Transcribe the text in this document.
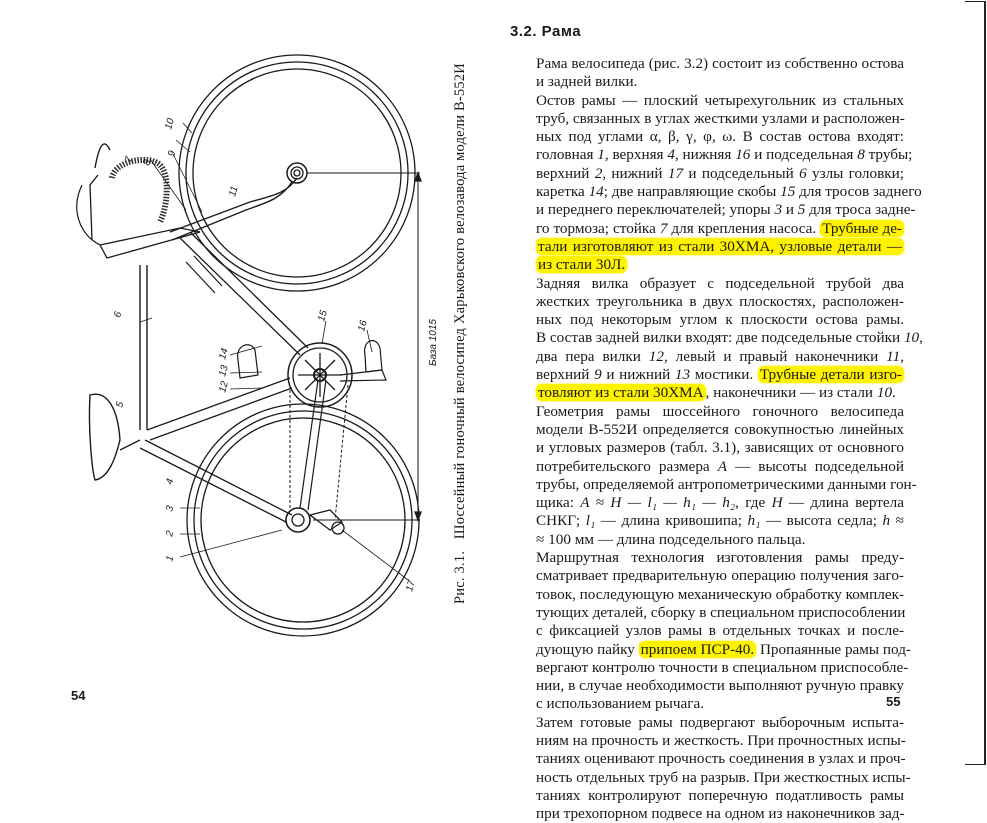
10
9
7 8
11
6
5
14
13
12
15
16
4
3
2
1
17
База 1015
Рис. 3.1. Шоссейный гоночный велосипед Харьковского велозавода модели В-552И
54
3.2. Рама

Рама велосипеда (рис. 3.2) состоит из собственно остова
и задней вилки.

Остов рамы — плоский четырехугольник из стальных
труб, связанных в углах жесткими узлами и расположен-
ных под углами α, β, γ, φ, ω. В состав остова входят:
головная 1, верхняя 4, нижняя 16 и подседельная 8 трубы;
верхний 2, нижний 17 и подседельный 6 узлы головки;
каретка 14; две направляющие скобы 15 для тросов заднего
и переднего переключателей; упоры 3 и 5 для троса задне-
го тормоза; стойка 7 для крепления насоса. Трубные де-
тали изготовляют из стали 30ХМА, узловые детали —
из стали 30Л.

Задняя вилка образует с подседельной трубой два
жестких треугольника в двух плоскостях, расположен-
ных под некоторым углом к плоскости остова рамы.
В состав задней вилки входят: две подседельные стойки 10,
два пера вилки 12, левый и правый наконечники 11,
верхний 9 и нижний 13 мостики. Трубные детали изго-
товляют из стали 30ХМА , наконечники — из стали 10.

Геометрия рамы шоссейного гоночного велосипеда
модели В-552И определяется совокупностью линейных
и угловых размеров (табл. 3.1), зависящих от основного
потребительского размера A — высоты подседельной
трубы, определяемой антропометрическими данными гон-
щика: A ≈ H — l₁ — h₁ — h₂, где H — длина вертела
СНКГ; l₁ — длина кривошипа; h₁ — высота седла; h ≈
≈ 100 мм — длина подседельного пальца.

Маршрутная технология изготовления рамы преду-
сматривает предварительную операцию получения заго-
товок, последующую механическую обработку комплек-
тующих деталей, сборку в специальном приспособлении
с фиксацией узлов рамы в отдельных точках и после-
дующую пайку припоем ПСР-40. Пропаянные рамы под-
вергают контролю точности в специальном приспособле-
нии, в случае необходимости выполняют ручную правку
с использованием рычага.

Затем готовые рамы подвергают выборочным испыта-
ниям на прочность и жесткость. При прочностных испы-
таниях оценивают прочность соединения в узлах и проч-
ность отдельных труб на разрыв. При жесткостных испы-
таниях контролируют поперечную податливость рамы
при трехопорном подвесе на одном из наконечников зад-

55
